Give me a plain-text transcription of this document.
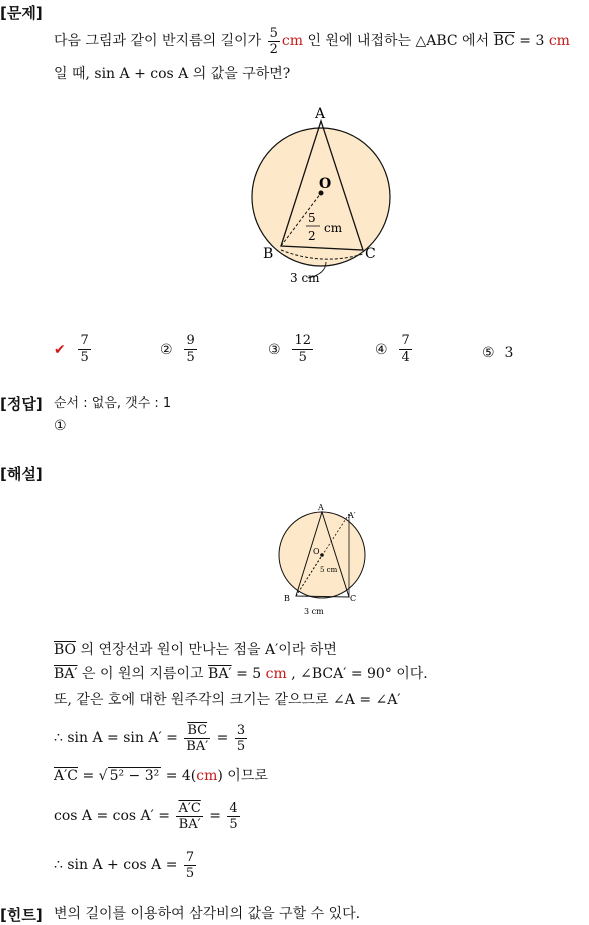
[문제]
[정답]
[해설]
[힌트]
다음 그림과 같이 반지름의 길이가 $\frac{5}{2}$ cm 인 원에 내접하는 △ABC 에서 $\overline{BC} = 3$ cm
일 때, sin A + cos A 의 값을 구하면?
A
B	C
O
5
2
cm
3 cm
✔ $\frac{7}{5}$	② $\frac{9}{5}$	③ $\frac{12}{5}$	④ $\frac{7}{4}$	⑤ 3
순서 : 없음, 갯수 : 1
①
A
A′
B	C
O
5 cm
3 cm
$\overline{BO}$ 의 연장선과 원이 만나는 점을 A′이라 하면
BA′ 은 이 원의 지름이고 BA′ = 5 cm , ∠BCA′ = 90° 이다.
또, 같은 호에 대한 원주각의 크기는 같으므로 ∠A = ∠A′
∴ $\sin A = \sin A' = \frac{\overline{BC}}{BA'} = \frac{3}{5}$
A′C = √ 5² − 3² = 4(cm) 이므로
$\cos A = \cos A' = \frac{A'C}{BA'} = \frac{4}{5}$
∴ $\sin A + \cos A = \frac{7}{5}$
변의 길이를 이용하여 삼각비의 값을 구할 수 있다.
